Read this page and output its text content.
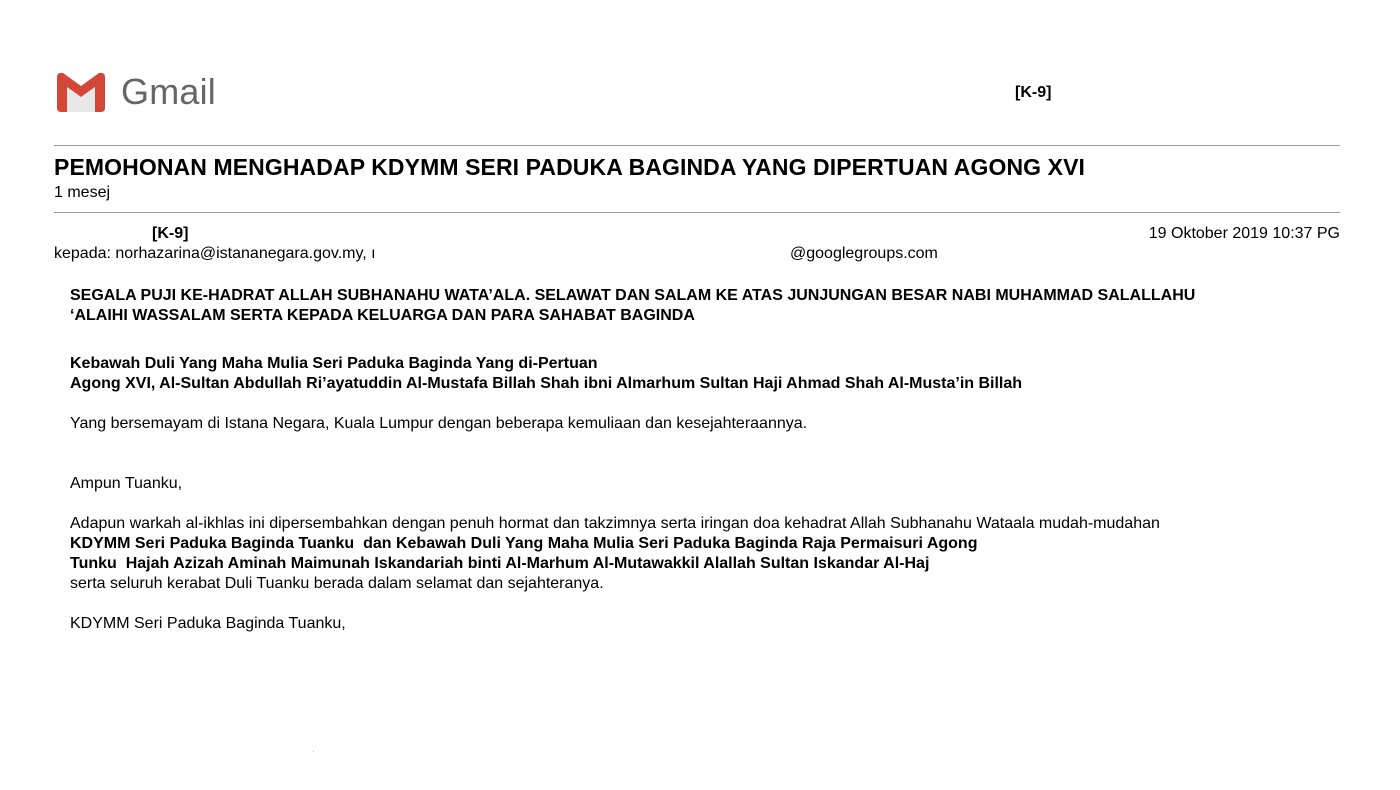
Gmail	[K-9]
PEMOHONAN MENGHADAP KDYMM SERI PADUKA BAGINDA YANG DIPERTUAN AGONG XVI
1 mesej
[K-9]	19 Oktober 2019 10:37 PG
kepada: norhazarina@istananegara.gov.my, ı	@googlegroups.com

SEGALA PUJI KE-HADRAT ALLAH SUBHANAHU WATA’ALA. SELAWAT DAN SALAM KE ATAS JUNJUNGAN BESAR NABI MUHAMMAD SALALLAHU

‘ALAIHI WASSALAM SERTA KEPADA KELUARGA DAN PARA SAHABAT BAGINDA

Kebawah Duli Yang Maha Mulia Seri Paduka Baginda Yang di-Pertuan

Agong XVI, Al-Sultan Abdullah Ri’ayatuddin Al-Mustafa Billah Shah ibni Almarhum Sultan Haji Ahmad Shah Al-Musta’in Billah

Yang bersemayam di Istana Negara, Kuala Lumpur dengan beberapa kemuliaan dan kesejahteraannya.

Ampun Tuanku,

Adapun warkah al-ikhlas ini dipersembahkan dengan penuh hormat dan takzimnya serta iringan doa kehadrat Allah Subhanahu Wataala mudah-mudahan

KDYMM Seri Paduka Baginda Tuanku  dan Kebawah Duli Yang Maha Mulia Seri Paduka Baginda Raja Permaisuri Agong

Tunku  Hajah Azizah Aminah Maimunah Iskandariah binti Al-Marhum Al-Mutawakkil Alallah Sultan Iskandar Al-Haj

serta seluruh kerabat Duli Tuanku berada dalam selamat dan sejahteranya.

KDYMM Seri Paduka Baginda Tuanku,
